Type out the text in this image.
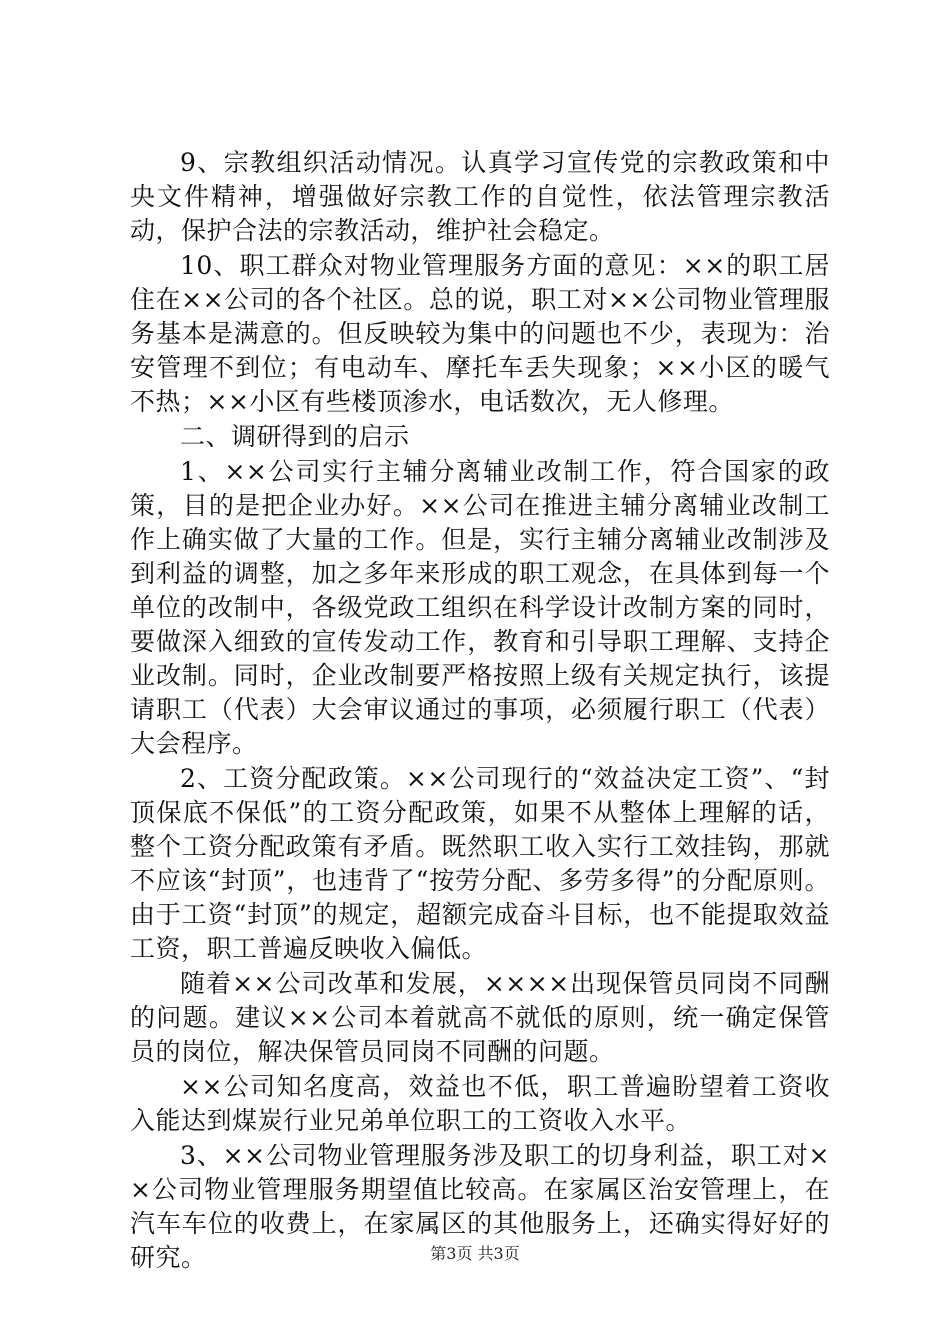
9、宗教组织活动情况。认真学习宣传党的宗教政策和中央文件精神，增强做好宗教工作的自觉性，依法管理宗教活动，保护合法的宗教活动，维护社会稳定。

10、职工群众对物业管理服务方面的意见：××的职工居住在××公司的各个社区。总的说，职工对××公司物业管理服务基本是满意的。但反映较为集中的问题也不少，表现为：治安管理不到位；有电动车、摩托车丢失现象；××小区的暖气不热；××小区有些楼顶渗水，电话数次，无人修理。

二、调研得到的启示

1、××公司实行主辅分离辅业改制工作，符合国家的政策，目的是把企业办好。××公司在推进主辅分离辅业改制工作上确实做了大量的工作。但是，实行主辅分离辅业改制涉及到利益的调整，加之多年来形成的职工观念，在具体到每一个单位的改制中，各级党政工组织在科学设计改制方案的同时，要做深入细致的宣传发动工作，教育和引导职工理解、支持企业改制。同时，企业改制要严格按照上级有关规定执行，该提请职工（代表）大会审议通过的事项，必须履行职工（代表）大会程序。

2、工资分配政策。××公司现行的“效益决定工资”、“封顶保底不保低”的工资分配政策，如果不从整体上理解的话，整个工资分配政策有矛盾。既然职工收入实行工效挂钩，那就不应该“封顶”，也违背了“按劳分配、多劳多得”的分配原则。由于工资“封顶”的规定，超额完成奋斗目标，也不能提取效益工资，职工普遍反映收入偏低。

随着××公司改革和发展，××××出现保管员同岗不同酬的问题。建议××公司本着就高不就低的原则，统一确定保管员的岗位，解决保管员同岗不同酬的问题。

××公司知名度高，效益也不低，职工普遍盼望着工资收入能达到煤炭行业兄弟单位职工的工资收入水平。

3、××公司物业管理服务涉及职工的切身利益，职工对××公司物业管理服务期望值比较高。在家属区治安管理上，在汽车车位的收费上，在家属区的其他服务上，还确实得好好的研究。	第3页 共3页
